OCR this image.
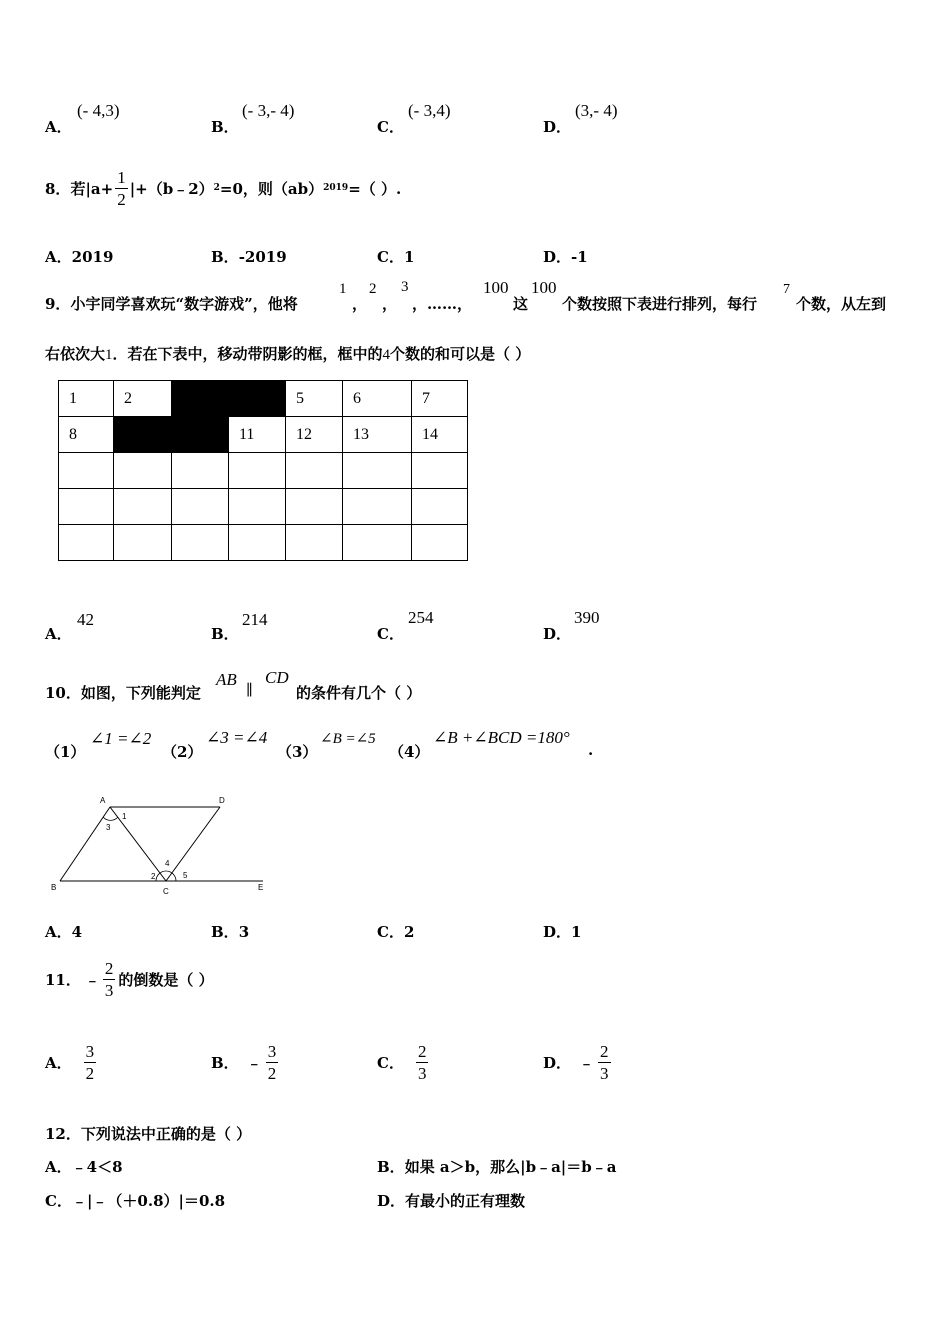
A．
(- 4,3)
B．
(- 3,- 4)
C．
(- 3,4)
D．
(3,- 4)
8． 若$|a+ \frac{1}{2}$ |+（b﹣2） 2 =0，则（ab） 2019 =（ ）.
A．2019	B．-2019	C．1	D．-1
9．小宇同学喜欢玩“数字游戏”，他将
1
，
2
，
3
，……，
100
这
100
个数按照下表进行排列，每行
7
个数，从左到
右依次大1．若在下表中，移动带阴影的框，框中的4个数的和可以是（ ）
1	2			5	6	7
8			11	12	13	14

A．
42
B．
214
C．
254
D．
390
10．如图，下列能判定
AB
∥
CD
的条件有几个（ ）
（1）
∠1 =∠2
（2）
∠3 =∠4
（3）
∠B =∠5
（4）
∠B +∠BCD =180°
.
A	D
B	C	E
1
3
2
4
5
A．4	B．3	C．2	D．1
11． ﹣ $\frac{2}{3}$ 的倒数是（ ）
A． $\frac{3}{2}$	B． ﹣ $\frac{3}{2}$	C． $\frac{2}{3}$	D． ﹣ $\frac{2}{3}$
12．下列说法中正确的是（ ）
A．﹣4＜8	B．如果 a＞b，那么|b﹣a|＝b﹣a
C．﹣|﹣（＋0.8）|＝0.8	D．有最小的正有理数
